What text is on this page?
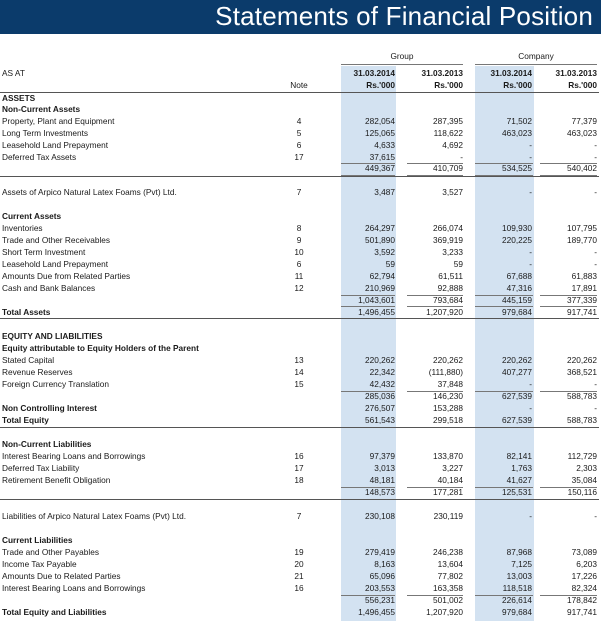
Statements of Financial Position
Group	Company
AS AT
Note
31.03.2014	31.03.2013	31.03.2014	31.03.2013
Rs.'000	Rs.'000	Rs.'000	Rs.'000
ASSETS
Non-Current Assets
Property, Plant and Equipment	4	282,054	287,395	71,502	77,379
Long Term Investments	5	125,065	118,622	463,023	463,023
Leasehold Land Prepayment	6	4,633	4,692	-	-
Deferred Tax Assets	17	37,615	-	-	-
449,367	410,709	534,525	540,402
Assets of Arpico Natural Latex Foams (Pvt) Ltd.	7	3,487	3,527	-	-
Current Assets
Inventories	8	264,297	266,074	109,930	107,795
Trade and Other Receivables	9	501,890	369,919	220,225	189,770
Short Term Investment	10	3,592	3,233	-	-
Leasehold Land Prepayment	6	59	59	-	-
Amounts Due from Related Parties	11	62,794	61,511	67,688	61,883
Cash and Bank Balances	12	210,969	92,888	47,316	17,891
1,043,601	793,684	445,159	377,339
Total Assets	1,496,455	1,207,920	979,684	917,741
EQUITY AND LIABILITIES
Equity attributable to Equity Holders of the Parent
Stated Capital	13	220,262	220,262	220,262	220,262
Revenue Reserves	14	22,342	(111,880)	407,277	368,521
Foreign Currency Translation	15	42,432	37,848	-	-
285,036	146,230	627,539	588,783
Non Controlling Interest	276,507	153,288	-	-
Total Equity	561,543	299,518	627,539	588,783
Non-Current Liabilities
Interest Bearing Loans and Borrowings	16	97,379	133,870	82,141	112,729
Deferred Tax Liability	17	3,013	3,227	1,763	2,303
Retirement Benefit Obligation	18	48,181	40,184	41,627	35,084
148,573	177,281	125,531	150,116
Liabilities of Arpico Natural Latex Foams (Pvt) Ltd.	7	230,108	230,119	-	-
Current Liabilities
Trade and Other Payables	19	279,419	246,238	87,968	73,089
Income Tax Payable	20	8,163	13,604	7,125	6,203
Amounts Due to Related Parties	21	65,096	77,802	13,003	17,226
Interest Bearing Loans and Borrowings	16	203,553	163,358	118,518	82,324
556,231	501,002	226,614	178,842
Total Equity and Liabilities	1,496,455	1,207,920	979,684	917,741
